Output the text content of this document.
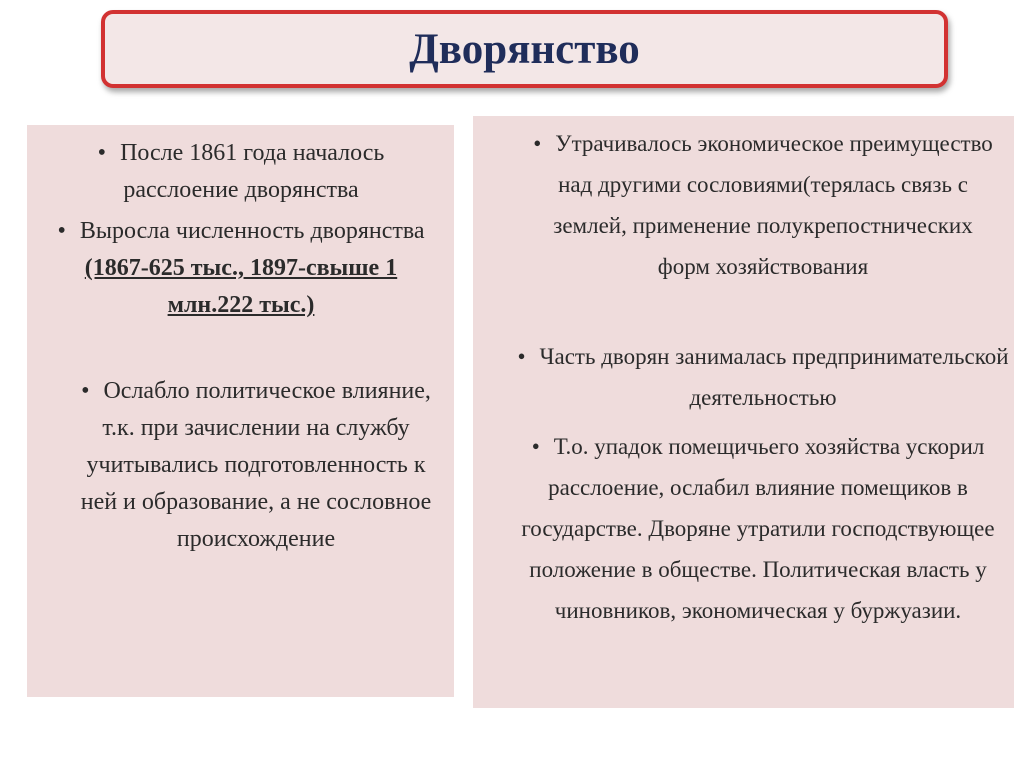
Дворянство

• После 1861 года началось расслоение дворянства

• Выросла численность дворянства (1867-625 тыс., 1897-свыше 1 млн.222 тыс.)

• Ослабло политическое влияние, т.к. при зачислении на службу учитывались подготовленность к ней и образование, а не сословное происхождение

• Утрачивалось экономическое преимущество над другими сословиями(терялась связь с землей, применение полукрепостнических форм хозяйствования

• Часть дворян занималась предпринимательской деятельностью

• Т.о. упадок помещичьего хозяйства ускорил расслоение, ослабил влияние помещиков в государстве. Дворяне утратили господствующее положение в обществе. Политическая власть у чиновников, экономическая у буржуазии.
